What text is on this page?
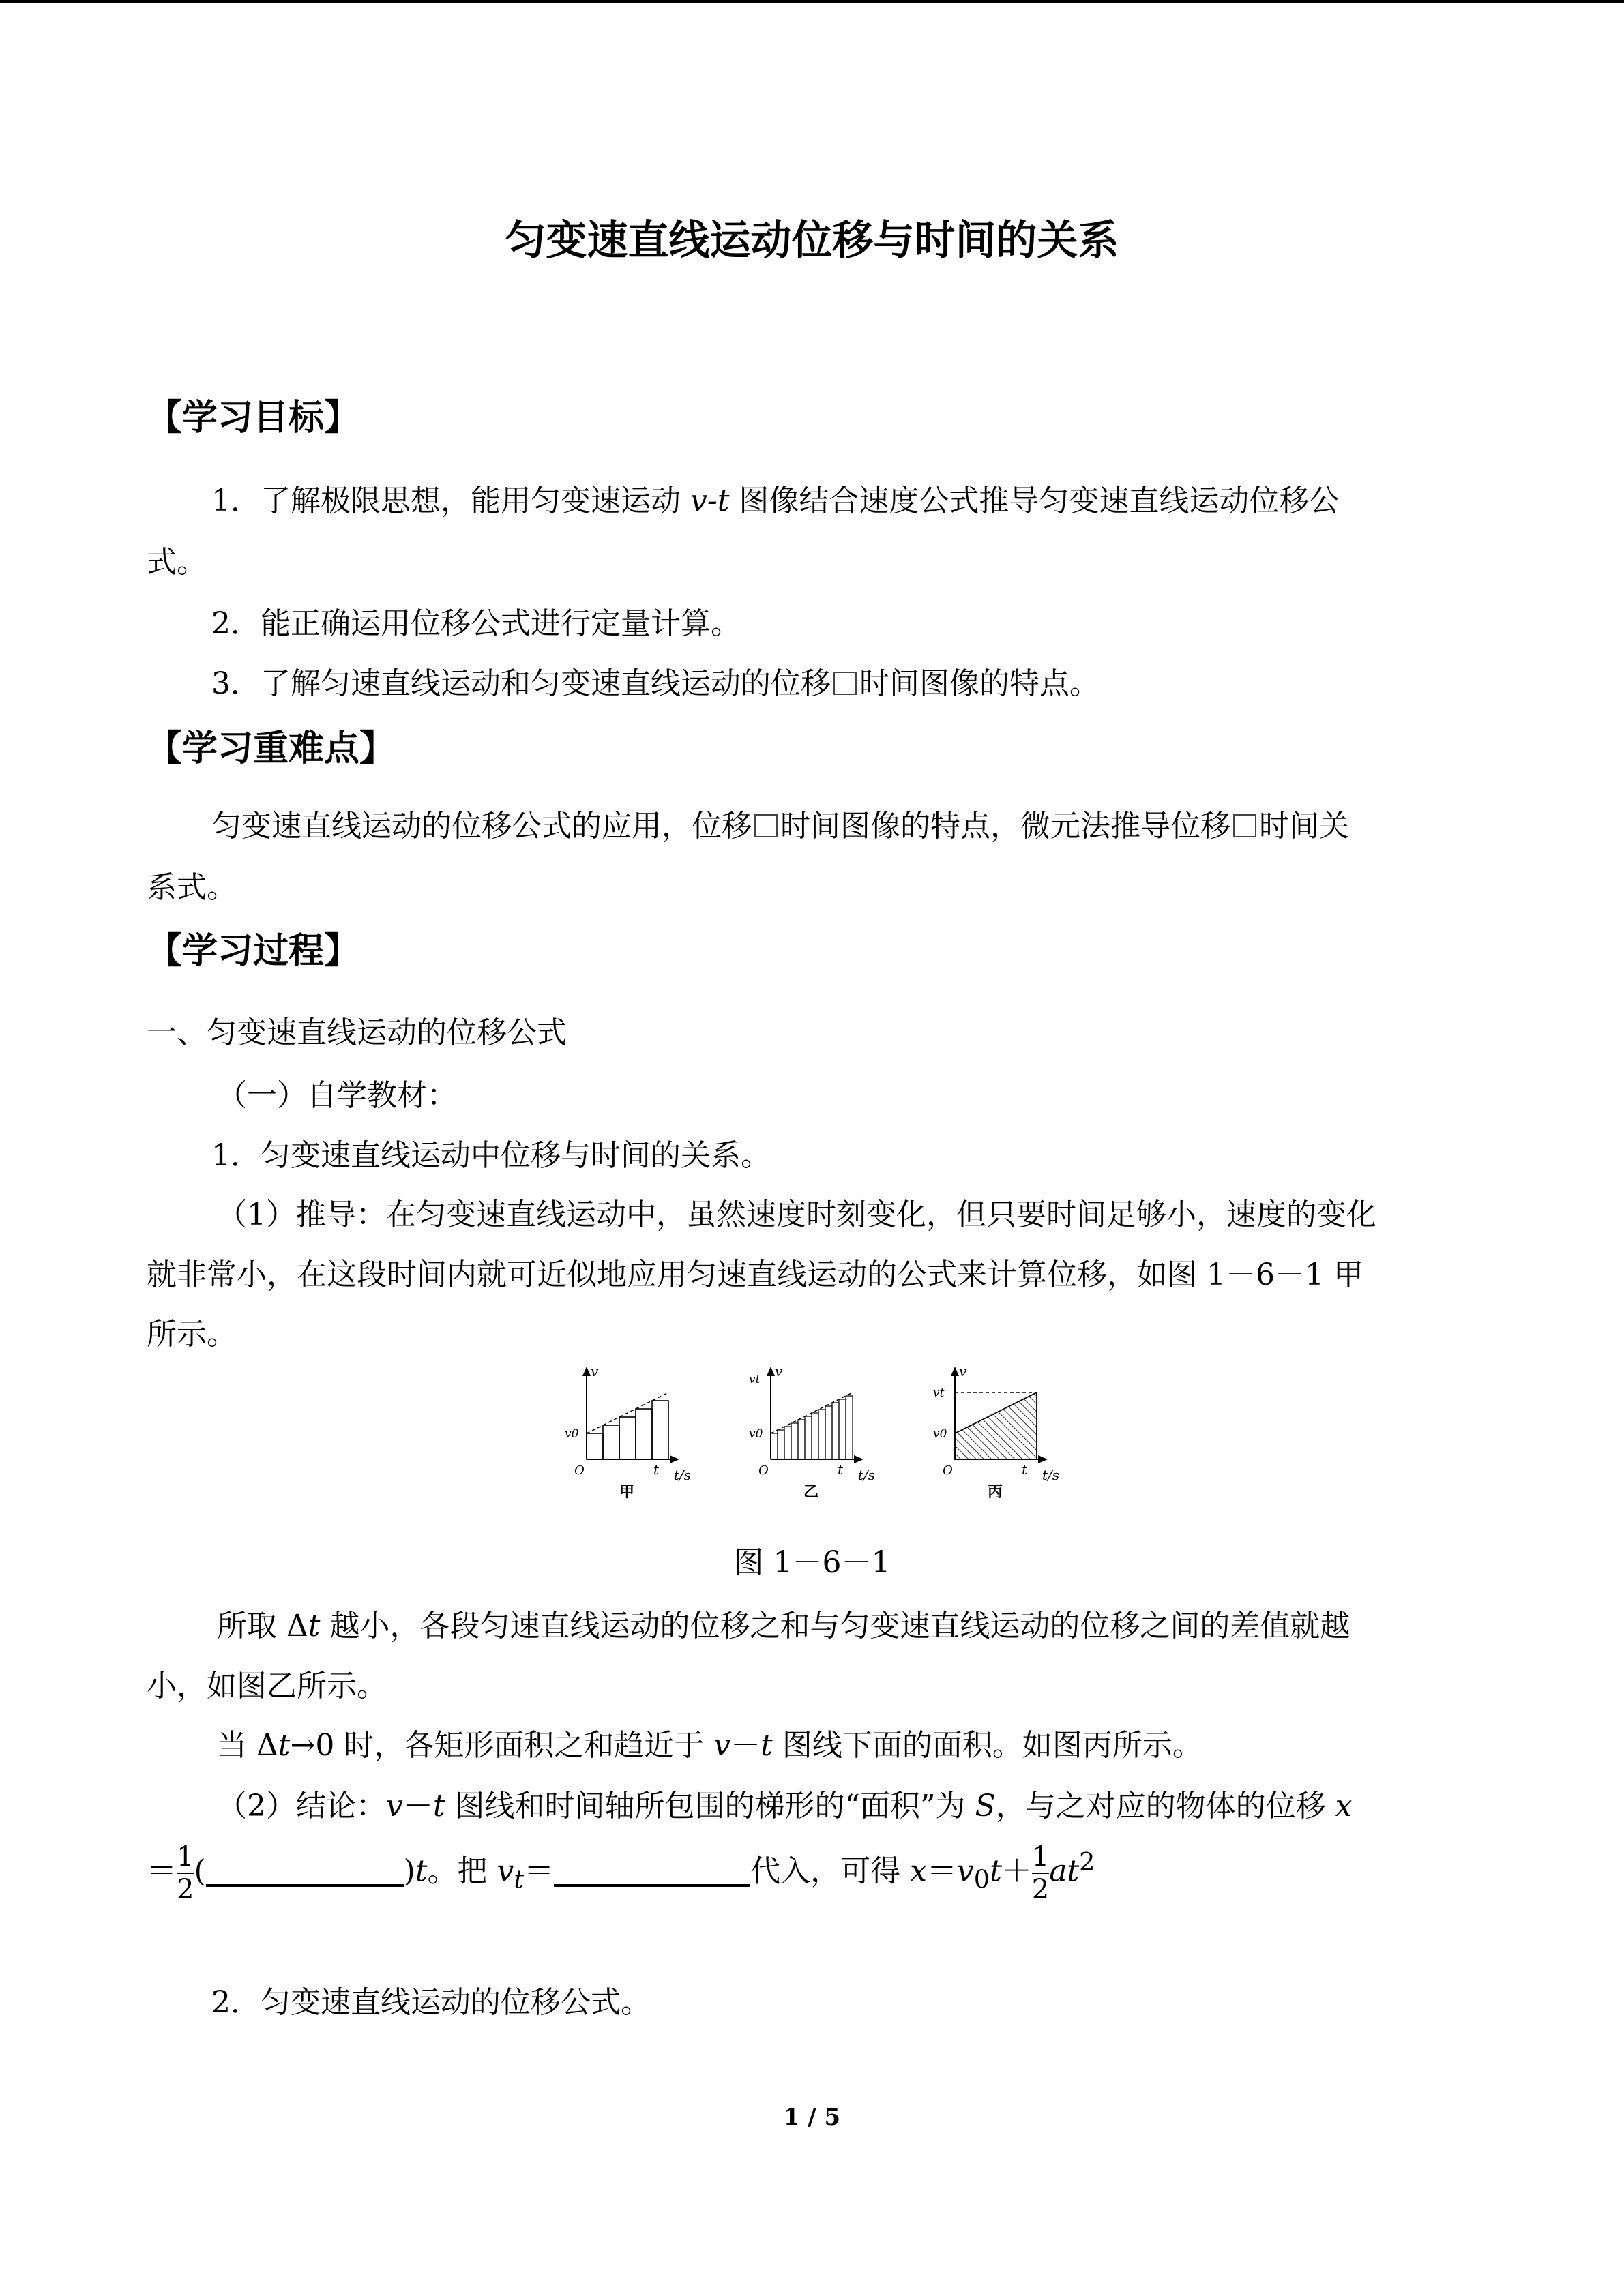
匀变速直线运动位移与时间的关系
【学习目标】
1．了解极限思想，能用匀变速运动 v-t 图像结合速度公式推导匀变速直线运动位移公
式。
2．能正确运用位移公式进行定量计算。
3．了解匀速直线运动和匀变速直线运动的位移 时间图像的特点。
【学习重难点】
匀变速直线运动的位移公式的应用，位移 时间图像的特点，微元法推导位移 时间关
系式。
【学习过程】
一、匀变速直线运动的位移公式
（一）自学教材：
1．匀变速直线运动中位移与时间的关系。
（1）推导：在匀变速直线运动中，虽然速度时刻变化，但只要时间足够小，速度的变化
就非常小，在这段时间内就可近似地应用匀速直线运动的公式来计算位移，如图 1－6－1 甲
所示。
v
v0
O	t t/s
甲
v
vt
v0
O	t t/s
乙
v
vt
v0
O	t t/s
丙
图 1－6－1
所取 Δt 越小，各段匀速直线运动的位移之和与匀变速直线运动的位移之间的差值就越
小，如图乙所示。
当 Δt→0 时，各矩形面积之和趋近于 v－t 图线下面的面积。如图丙所示。
（2）结论：v－t 图线和时间轴所包围的梯形的“面积”为 S，与之对应的物体的位移 x
＝ $\frac{1}{2}$ (	)t。把 $v_t=$	代入，可得 $x=v_0t+ \frac{1}{2} at^2$
2．匀变速直线运动的位移公式。
1 / 5
